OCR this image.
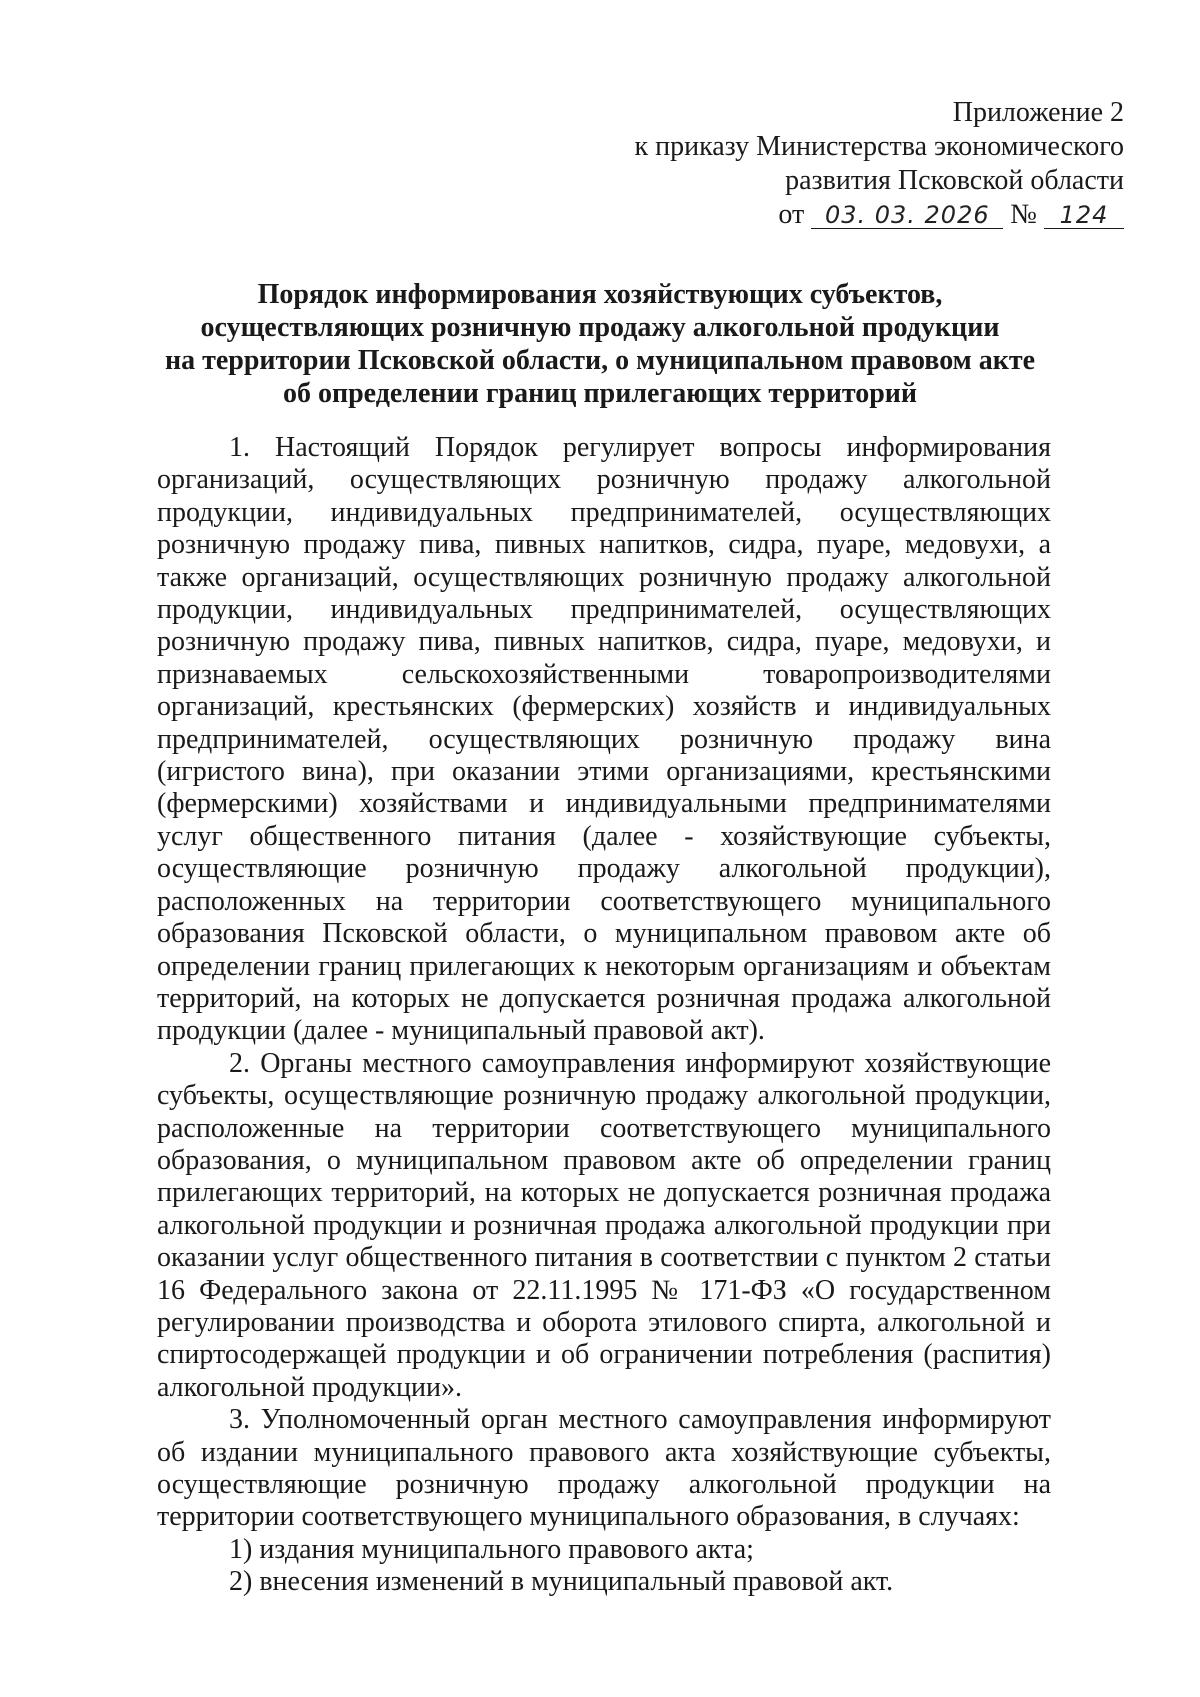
Приложение 2
к приказу Министерства экономического
развития Псковской области
от 03. 03. 2026 № 124
Порядок информирования хозяйствующих субъектов,
осуществляющих розничную продажу алкогольной продукции
на территории Псковской области, о муниципальном правовом акте
об определении границ прилегающих территорий

1. Настоящий Порядок регулирует вопросы информирования организаций, осуществляющих розничную продажу алкогольной продукции, индивидуальных предпринимателей, осуществляющих розничную продажу пива, пивных напитков, сидра, пуаре, медовухи, а также организаций, осуществляющих розничную продажу алкогольной продукции, индивидуальных предпринимателей, осуществляющих розничную продажу пива, пивных напитков, сидра, пуаре, медовухи, и признаваемых сельскохозяйственными товаропроизводителями организаций, крестьянских (фермерских) хозяйств и индивидуальных предпринимателей, осуществляющих розничную продажу вина (игристого вина), при оказании этими организациями, крестьянскими (фермерскими) хозяйствами и индивидуальными предпринимателями услуг общественного питания (далее - хозяйствующие субъекты, осуществляющие розничную продажу алкогольной продукции), расположенных на территории соответствующего муниципального образования Псковской области, о муниципальном правовом акте об определении границ прилегающих к некоторым организациям и объектам территорий, на которых не допускается розничная продажа алкогольной продукции (далее - муниципальный правовой акт).

2. Органы местного самоуправления информируют хозяйствующие субъекты, осуществляющие розничную продажу алкогольной продукции, расположенные на территории соответствующего муниципального образования, о муниципальном правовом акте об определении границ прилегающих территорий, на которых не допускается розничная продажа алкогольной продукции и розничная продажа алкогольной продукции при оказании услуг общественного питания в соответствии с пунктом 2 статьи 16 Федерального закона от 22.11.1995 № 171-ФЗ «О государственном регулировании производства и оборота этилового спирта, алкогольной и спиртосодержащей продукции и об ограничении потребления (распития) алкогольной продукции».

3. Уполномоченный орган местного самоуправления информируют об издании муниципального правового акта хозяйствующие субъекты, осуществляющие розничную продажу алкогольной продукции на территории соответствующего муниципального образования, в случаях:

1) издания муниципального правового акта;

2) внесения изменений в муниципальный правовой акт.
